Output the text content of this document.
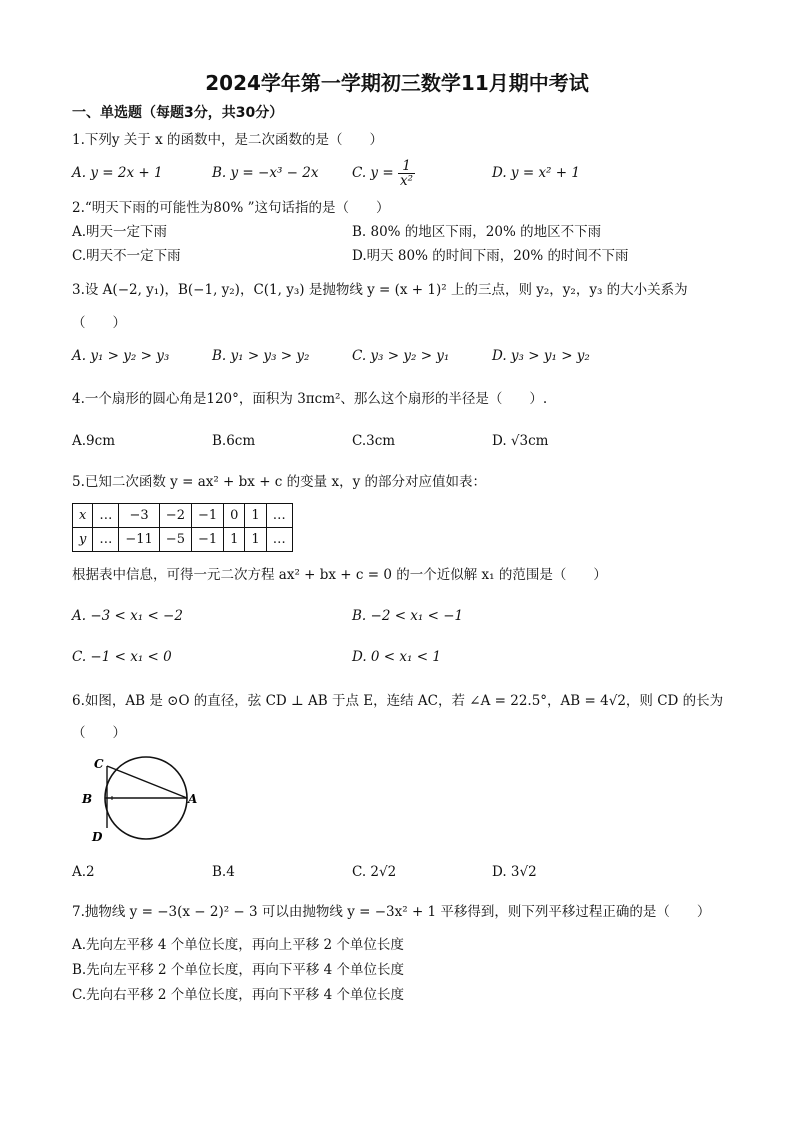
2024学年第一学期初三数学11月期中考试
一、单选题（每题3分，共30分）
1.下列y 关于 x 的函数中，是二次函数的是（　　）
A. y = 2x + 1	B. y = −x³ − 2x C. $y = \frac{1}{\text{x²}}$	D. y = x² + 1
2.“明天下雨的可能性为80% ”这句话指的是（　　）
A.明天一定下雨	B. 80% 的地区下雨，20% 的地区不下雨
C.明天不一定下雨	D.明天 80% 的时间下雨，20% 的时间不下雨
3.设 A(−2, y₁)，B(−1, y₂)，C(1, y₃) 是抛物线 y = (x + 1)² 上的三点，则 y₂，y₂，y₃ 的大小关系为
（　　）
A. y₁ > y₂ > y₃	B. y₁ > y₃ > y₂	C. y₃ > y₂ > y₁	D. y₃ > y₁ > y₂
4.一个扇形的圆心角是120°，面积为 3πcm²、那么这个扇形的半径是（　　）.
A.9cm	B.6cm	C.3cm	D. √3cm
5.已知二次函数 y = ax² + bx + c 的变量 x，y 的部分对应值如表：
x	…	−3	−2	−1	0	1	…
y	…	−11	−5	−1	1	1	…
根据表中信息，可得一元二次方程 ax² + bx + c = 0 的一个近似解 x₁ 的范围是（　　）
A. −3 < x₁ < −2	B. −2 < x₁ < −1
C. −1 < x₁ < 0	D. 0 < x₁ < 1
6.如图，AB 是 ⊙O 的直径，弦 CD ⊥ AB 于点 E，连结 AC，若 ∠A = 22.5°，AB = 4√2，则 CD 的长为
（　　）
C
B
D
A
A.2	B.4	C. 2√2	D. 3√2
7.抛物线 y = −3(x − 2)² − 3 可以由抛物线 y = −3x² + 1 平移得到，则下列平移过程正确的是（　　）
A.先向左平移 4 个单位长度，再向上平移 2 个单位长度
B.先向左平移 2 个单位长度，再向下平移 4 个单位长度
C.先向右平移 2 个单位长度，再向下平移 4 个单位长度
